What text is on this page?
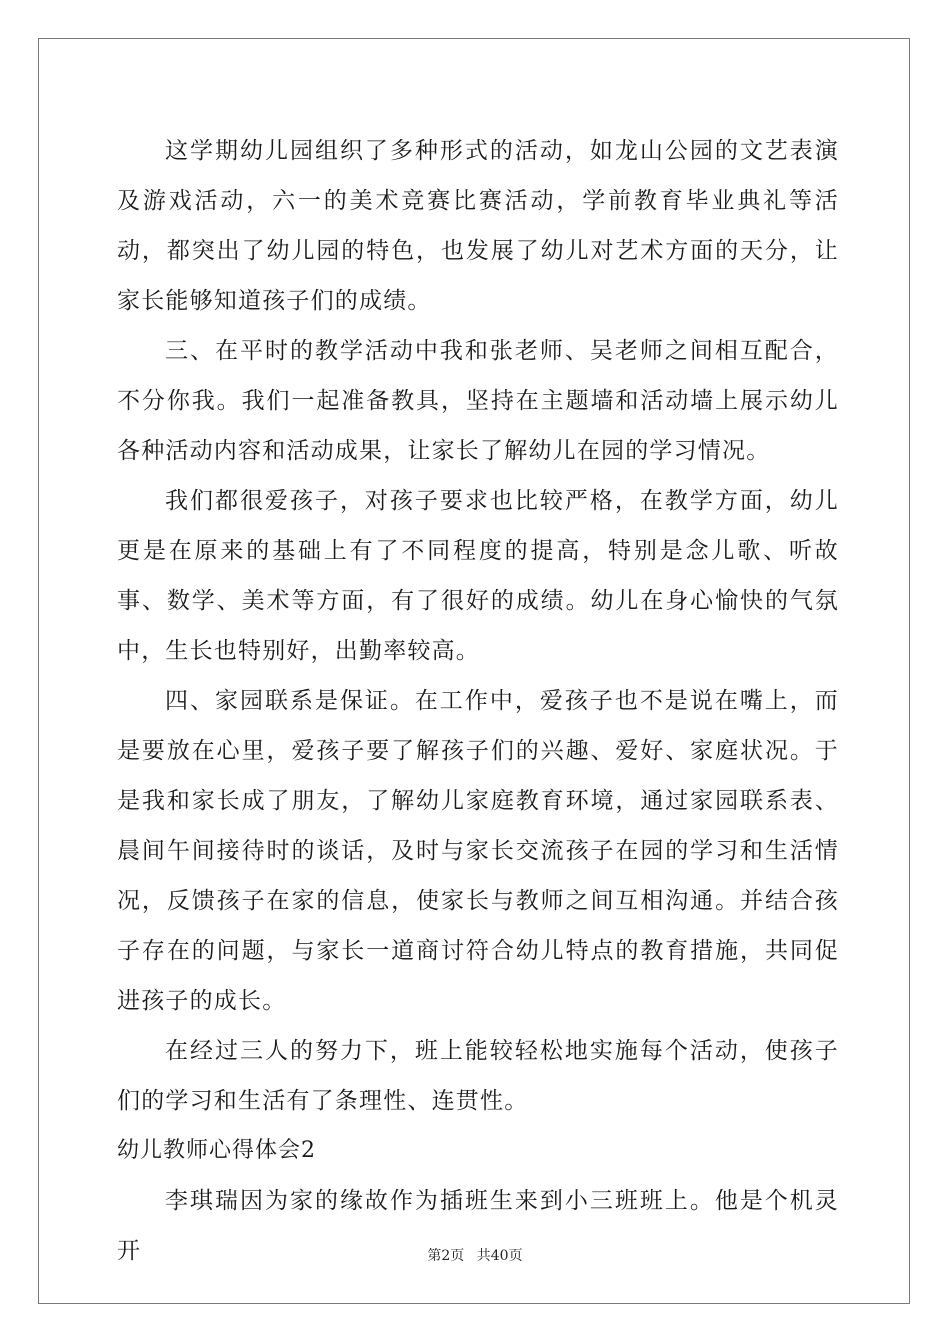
这学期幼儿园组织了多种形式的活动，如龙山公园的文艺表演及游戏活动，六一的美术竞赛比赛活动，学前教育毕业典礼等活动，都突出了幼儿园的特色，也发展了幼儿对艺术方面的天分，让家长能够知道孩子们的成绩。

三、在平时的教学活动中我和张老师、吴老师之间相互配合，不分你我。我们一起准备教具，坚持在主题墙和活动墙上展示幼儿各种活动内容和活动成果，让家长了解幼儿在园的学习情况。

我们都很爱孩子，对孩子要求也比较严格，在教学方面，幼儿更是在原来的基础上有了不同程度的提高，特别是念儿歌、听故事、数学、美术等方面，有了很好的成绩。幼儿在身心愉快的气氛中，生长也特别好，出勤率较高。

四、家园联系是保证。在工作中，爱孩子也不是说在嘴上，而是要放在心里，爱孩子要了解孩子们的兴趣、爱好、家庭状况。于是我和家长成了朋友，了解幼儿家庭教育环境，通过家园联系表、晨间午间接待时的谈话，及时与家长交流孩子在园的学习和生活情况，反馈孩子在家的信息，使家长与教师之间互相沟通。并结合孩子存在的问题，与家长一道商讨符合幼儿特点的教育措施，共同促进孩子的成长。

在经过三人的努力下，班上能较轻松地实施每个活动，使孩子们的学习和生活有了条理性、连贯性。

幼儿教师心得体会2

李琪瑞因为家的缘故作为插班生来到小三班班上。他是个机灵开	第2页 共40页
